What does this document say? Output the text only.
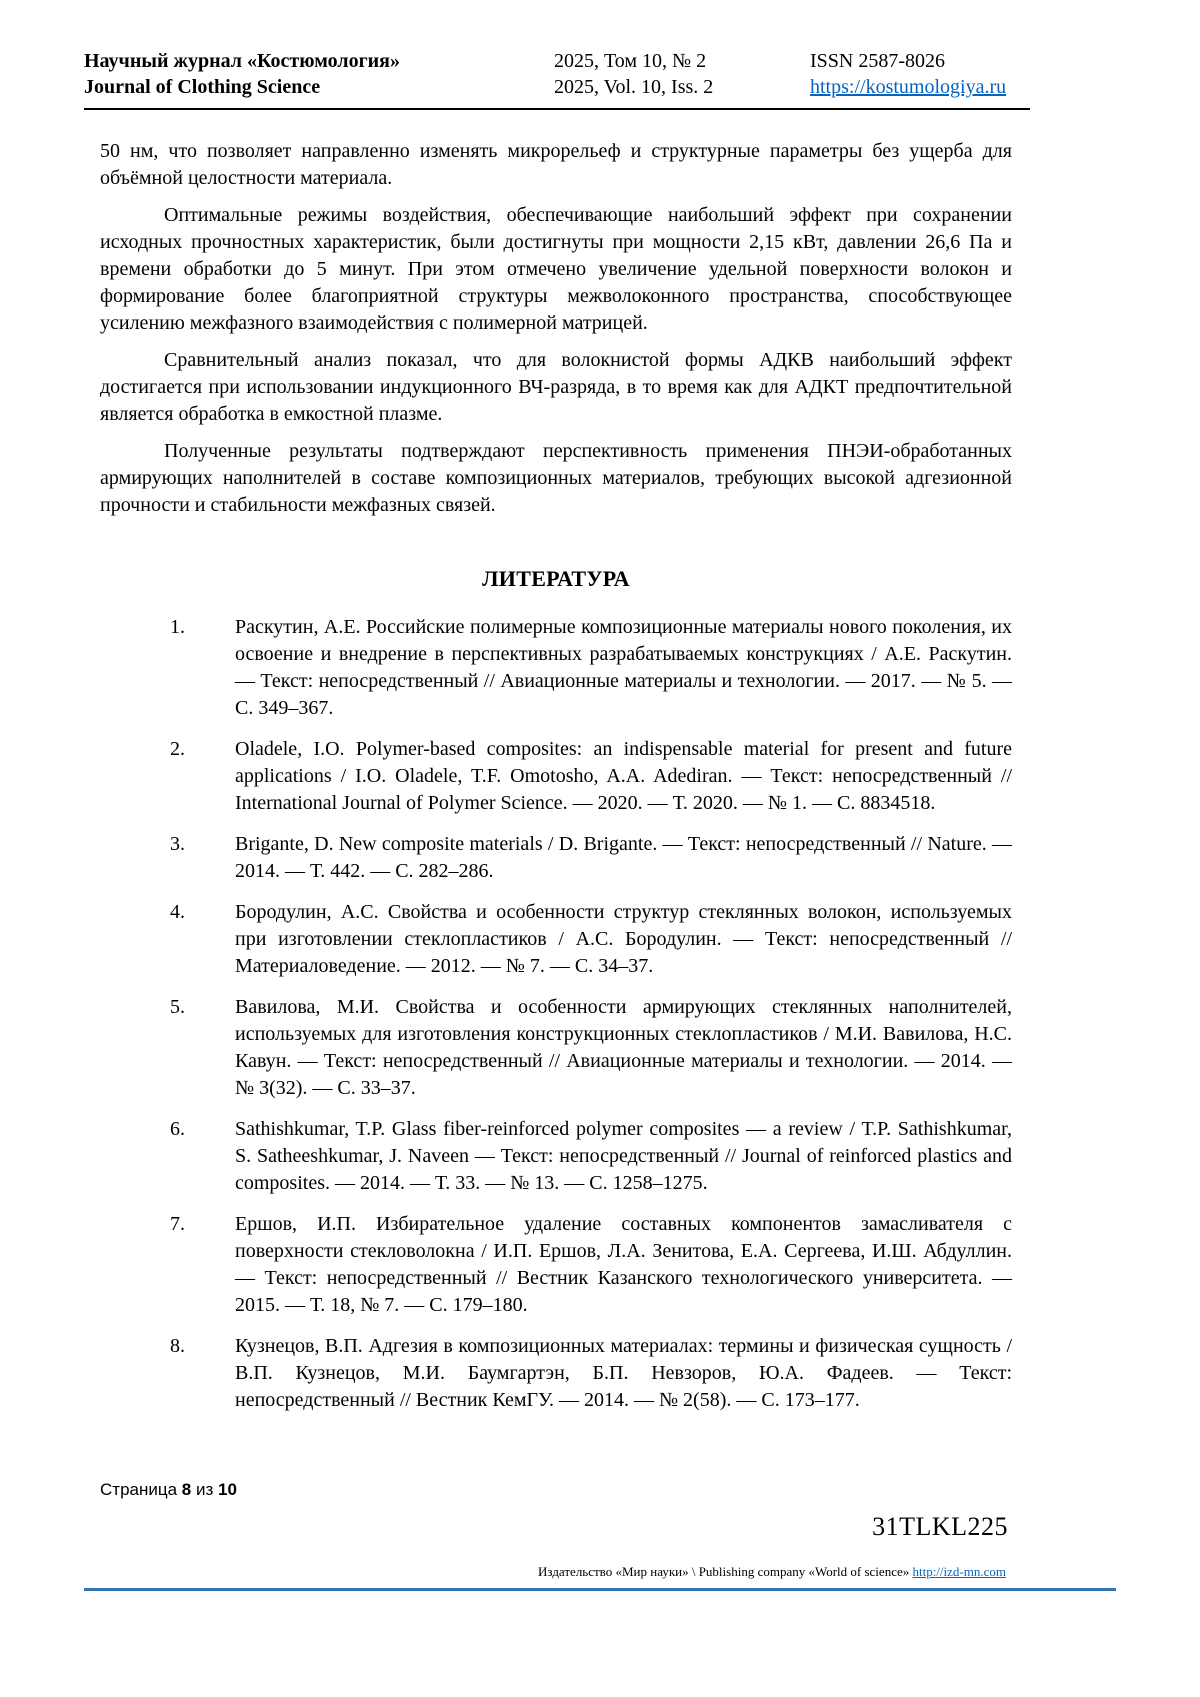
Научный журнал «Костюмология»
Journal of Clothing Science
2025, Том 10, № 2
2025, Vol. 10, Iss. 2
ISSN 2587-8026
https://kostumologiya.ru

50 нм, что позволяет направленно изменять микрорельеф и структурные параметры без ущерба для объёмной целостности материала.

Оптимальные режимы воздействия, обеспечивающие наибольший эффект при сохранении исходных прочностных характеристик, были достигнуты при мощности 2,15 кВт, давлении 26,6 Па и времени обработки до 5 минут. При этом отмечено увеличение удельной поверхности волокон и формирование более благоприятной структуры межволоконного пространства, способствующее усилению межфазного взаимодействия с полимерной матрицей.

Сравнительный анализ показал, что для волокнистой формы АДКВ наибольший эффект достигается при использовании индукционного ВЧ-разряда, в то время как для АДКТ предпочтительной является обработка в емкостной плазме.

Полученные результаты подтверждают перспективность применения ПНЭИ-обработанных армирующих наполнителей в составе композиционных материалов, требующих высокой адгезионной прочности и стабильности межфазных связей.

ЛИТЕРАТУРА
1.	Раскутин, А.Е. Российские полимерные композиционные материалы нового поколения, их освоение и внедрение в перспективных разрабатываемых конструкциях / А.Е. Раскутин. — Текст: непосредственный // Авиационные материалы и технологии. — 2017. — № 5. — С. 349–367.
2.	Oladele, I.O. Polymer-based composites: an indispensable material for present and future applications / I.O. Oladele, T.F. Omotosho, A.A. Adediran. — Текст: непосредственный // International Journal of Polymer Science. — 2020. — Т. 2020. — № 1. — С. 8834518.
3.	Brigante, D. New composite materials / D. Brigante. — Текст: непосредственный // Nature. — 2014. — Т. 442. — С. 282–286.
4.	Бородулин, А.С. Свойства и особенности структур стеклянных волокон, используемых при изготовлении стеклопластиков / А.С. Бородулин. — Текст: непосредственный // Материаловедение. — 2012. — № 7. — С. 34–37.
5.	Вавилова, М.И. Свойства и особенности армирующих стеклянных наполнителей, используемых для изготовления конструкционных стеклопластиков / М.И. Вавилова, Н.С. Кавун. — Текст: непосредственный // Авиационные материалы и технологии. — 2014. — № 3(32). — С. 33–37.
6.	Sathishkumar, T.P. Glass fiber-reinforced polymer composites — a review / T.P. Sathishkumar, S. Satheeshkumar, J. Naveen — Текст: непосредственный // Journal of reinforced plastics and composites. — 2014. — Т. 33. — № 13. — С. 1258–1275.
7.	Ершов, И.П. Избирательное удаление составных компонентов замасливателя с поверхности стекловолокна / И.П. Ершов, Л.А. Зенитова, Е.А. Сергеева, И.Ш. Абдуллин. — Текст: непосредственный // Вестник Казанского технологического университета. — 2015. — Т. 18, № 7. — С. 179–180.
8.	Кузнецов, В.П. Адгезия в композиционных материалах: термины и физическая сущность / В.П. Кузнецов, М.И. Баумгартэн, Б.П. Невзоров, Ю.А. Фадеев. — Текст: непосредственный // Вестник КемГУ. — 2014. — № 2(58). — С. 173–177.
Страница 8 из 10
31TLKL225
Издательство «Мир науки» \ Publishing company «World of science» http://izd-mn.com
